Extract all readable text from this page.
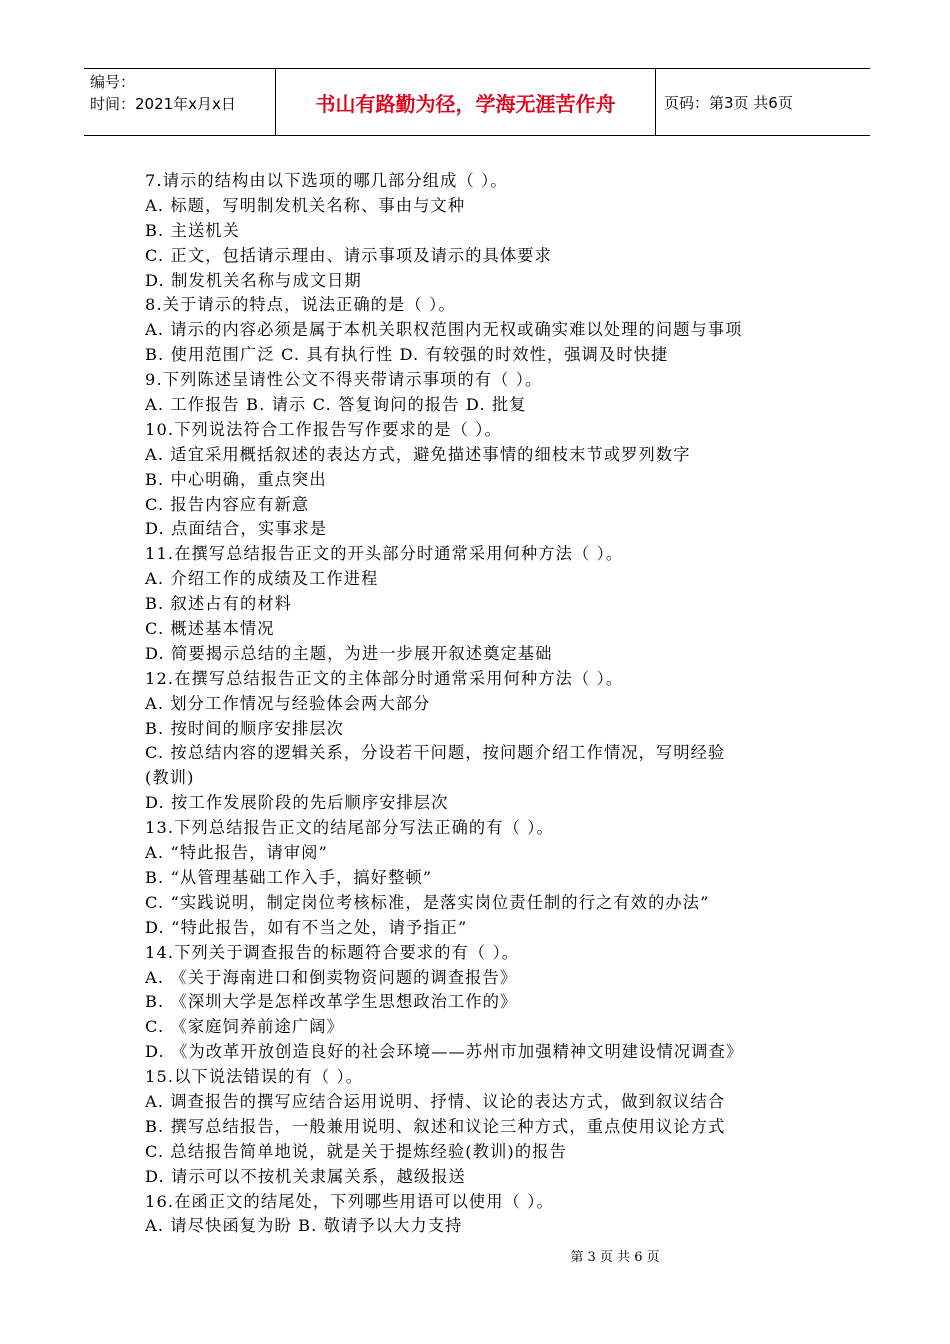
编号：
时间：2021年x月x日	书山有路勤为径，学海无涯苦作舟	页码：第3页 共6页
7.请示的结构由以下选项的哪几部分组成（ ）。
A. 标题，写明制发机关名称、事由与文种
B. 主送机关
C. 正文，包括请示理由、请示事项及请示的具体要求
D. 制发机关名称与成文日期
8.关于请示的特点，说法正确的是（ ）。
A. 请示的内容必须是属于本机关职权范围内无权或确实难以处理的问题与事项
B. 使用范围广泛 C. 具有执行性 D. 有较强的时效性，强调及时快捷
9.下列陈述呈请性公文不得夹带请示事项的有（ ）。
A. 工作报告 B. 请示 C. 答复询问的报告 D. 批复
10.下列说法符合工作报告写作要求的是（ ）。
A. 适宜采用概括叙述的表达方式，避免描述事情的细枝末节或罗列数字
B. 中心明确，重点突出
C. 报告内容应有新意
D. 点面结合，实事求是
11.在撰写总结报告正文的开头部分时通常采用何种方法（ ）。
A. 介绍工作的成绩及工作进程
B. 叙述占有的材料
C. 概述基本情况
D. 简要揭示总结的主题，为进一步展开叙述奠定基础
12.在撰写总结报告正文的主体部分时通常采用何种方法（ ）。
A. 划分工作情况与经验体会两大部分
B. 按时间的顺序安排层次
C. 按总结内容的逻辑关系，分设若干问题，按问题介绍工作情况，写明经验
(教训)
D. 按工作发展阶段的先后顺序安排层次
13.下列总结报告正文的结尾部分写法正确的有（ ）。
A. “特此报告，请审阅”
B. “从管理基础工作入手，搞好整顿”
C. “实践说明，制定岗位考核标准，是落实岗位责任制的行之有效的办法”
D. “特此报告，如有不当之处，请予指正”
14.下列关于调查报告的标题符合要求的有（ ）。
A. 《关于海南进口和倒卖物资问题的调查报告》
B. 《深圳大学是怎样改革学生思想政治工作的》
C. 《家庭饲养前途广阔》
D. 《为改革开放创造良好的社会环境——苏州市加强精神文明建设情况调查》
15.以下说法错误的有（ ）。
A. 调查报告的撰写应结合运用说明、抒情、议论的表达方式，做到叙议结合
B. 撰写总结报告，一般兼用说明、叙述和议论三种方式，重点使用议论方式
C. 总结报告简单地说，就是关于提炼经验(教训)的报告
D. 请示可以不按机关隶属关系，越级报送
16.在函正文的结尾处，下列哪些用语可以使用（ ）。
A. 请尽快函复为盼 B. 敬请予以大力支持
第 3 页 共 6 页
